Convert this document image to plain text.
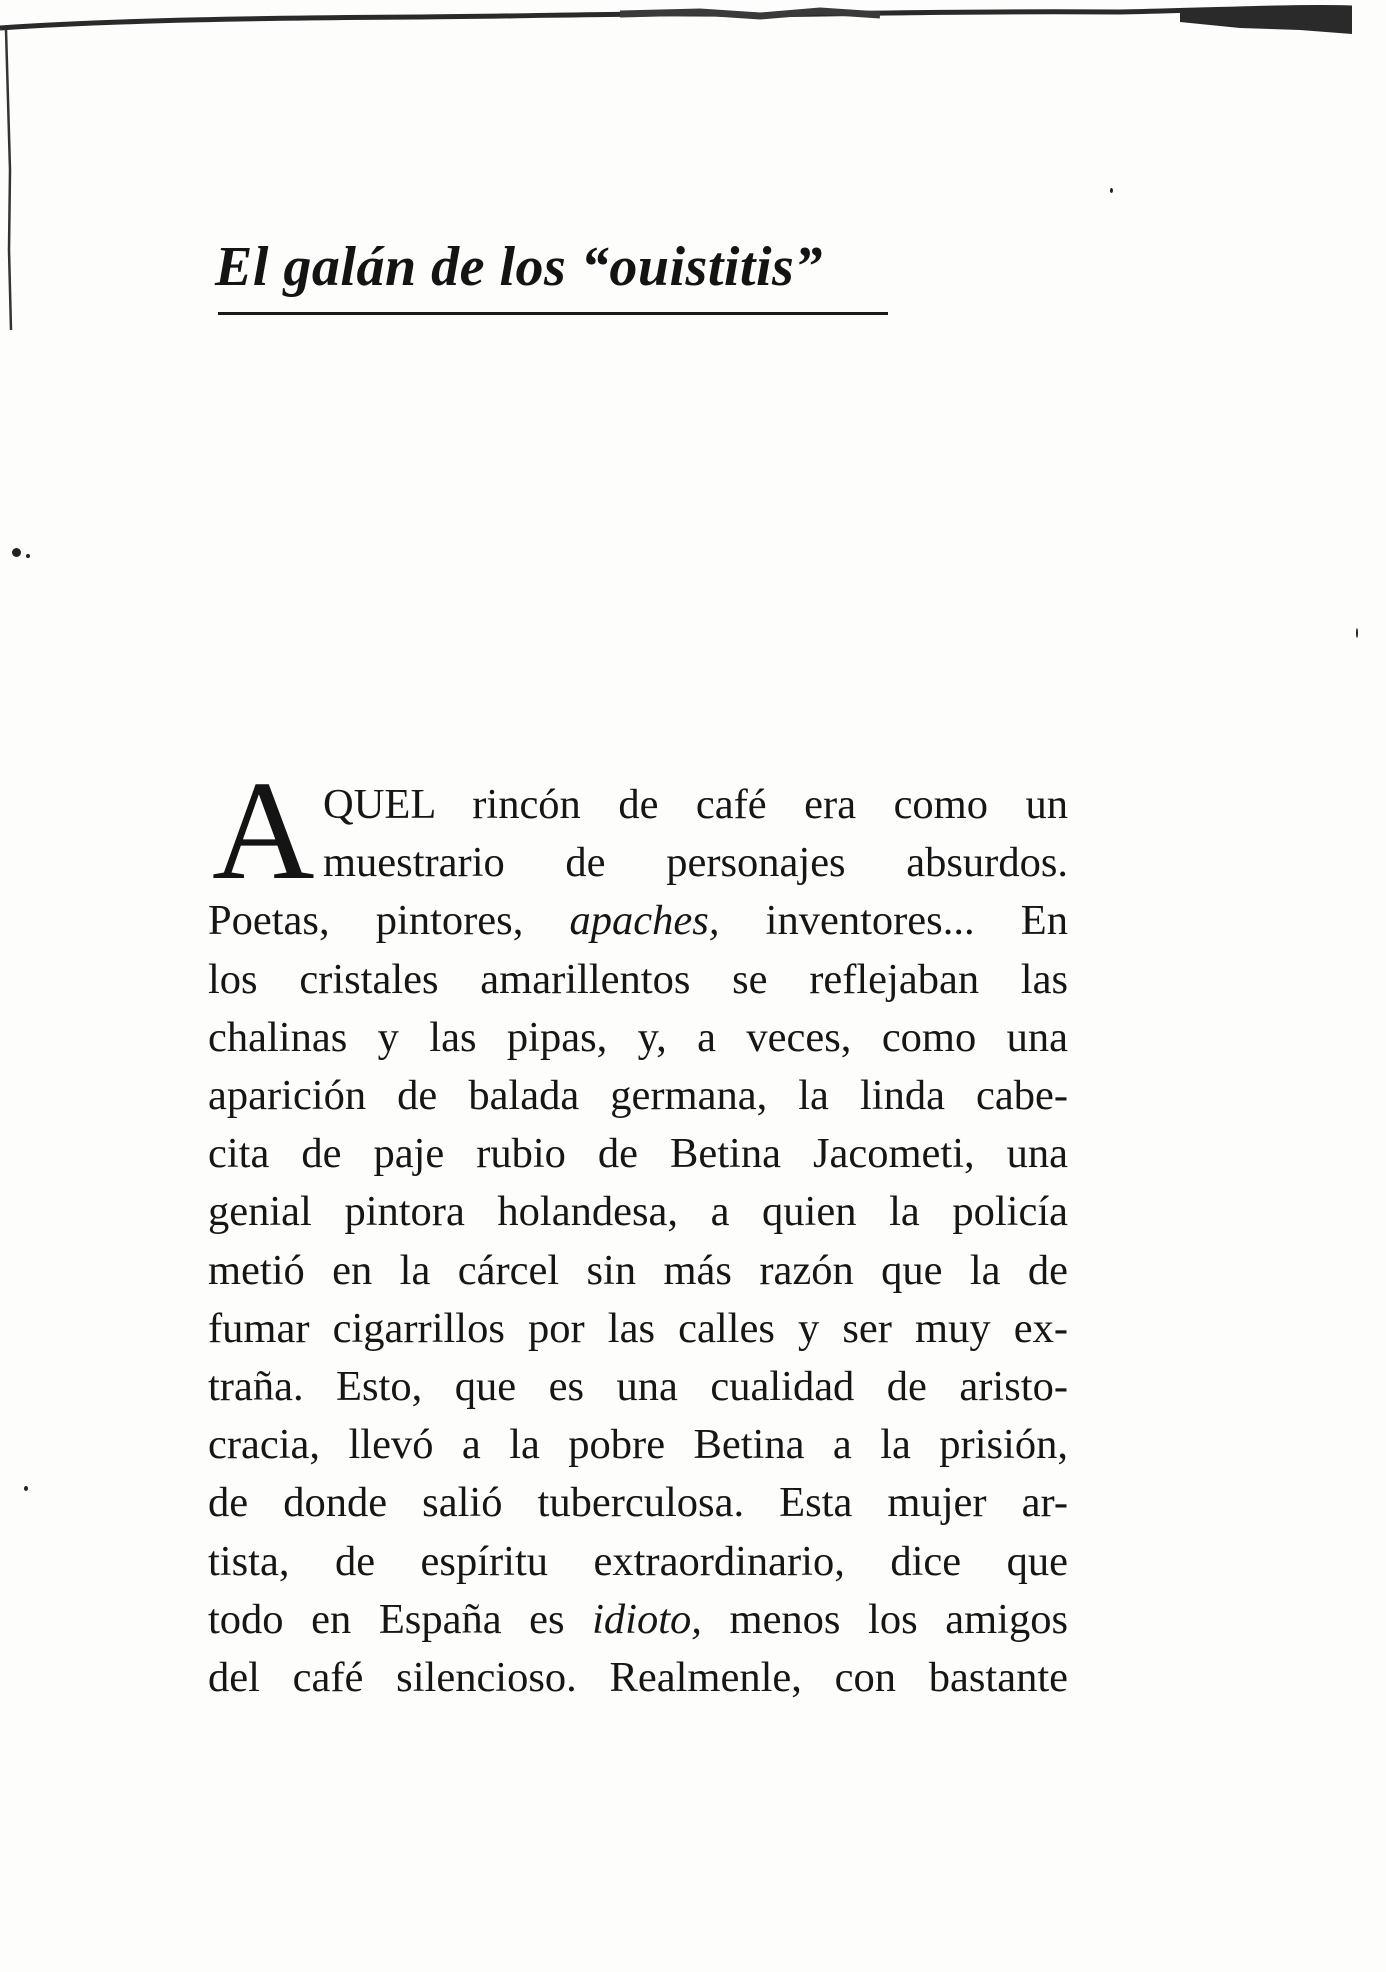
El galán de los “ouistitis”
A QUEL rincón de café era como un
muestrario de personajes absurdos.
Poetas, pintores, apaches, inventores... En
los cristales amarillentos se reflejaban las
chalinas y las pipas, y, a veces, como una
aparición de balada germana, la linda cabe-
cita de paje rubio de Betina Jacometi, una
genial pintora holandesa, a quien la policía
metió en la cárcel sin más razón que la de
fumar cigarrillos por las calles y ser muy ex-
traña. Esto, que es una cualidad de aristo-
cracia, llevó a la pobre Betina a la prisión,
de donde salió tuberculosa. Esta mujer ar-
tista, de espíritu extraordinario, dice que
todo en España es idioto, menos los amigos
del café silencioso. Realmenle, con bastante
